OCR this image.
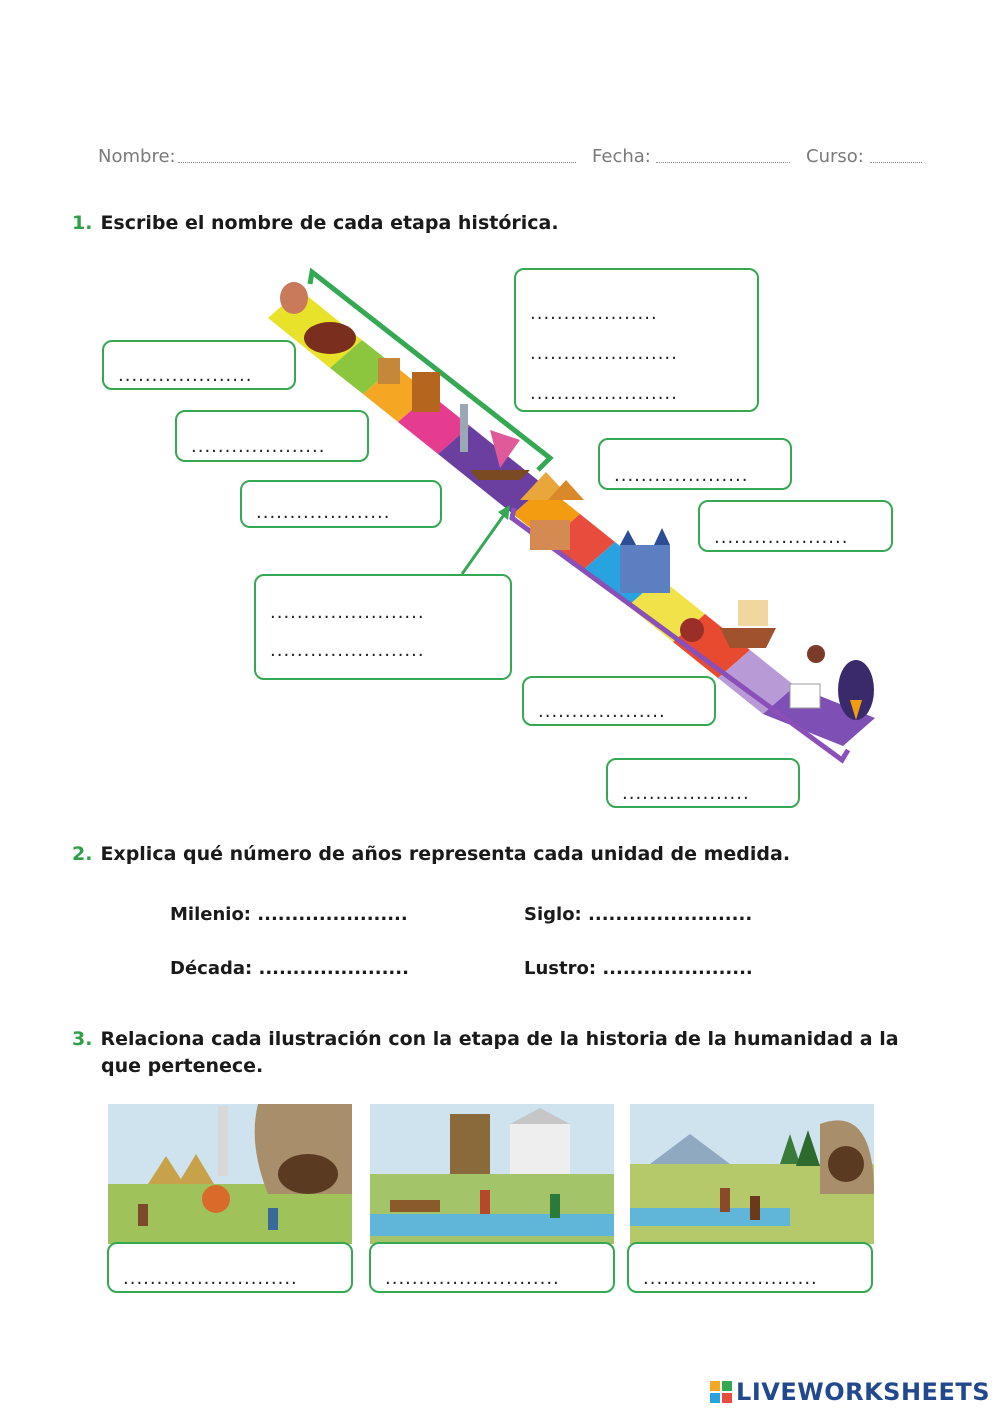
Nombre:	Fecha:	Curso:
1. Escribe el nombre de cada etapa histórica.
...................
......................
......................
....................
....................
....................
....................
....................
.......................
.......................
...................
...................
2. Explica qué número de años representa cada unidad de medida.
Milenio: ......................	Siglo: ........................
Década: ......................	Lustro: ......................
3. Relaciona cada ilustración con la etapa de la historia de la humanidad a la
que pertenece.
..........................	..........................	..........................
LIVEWORKSHEETS
